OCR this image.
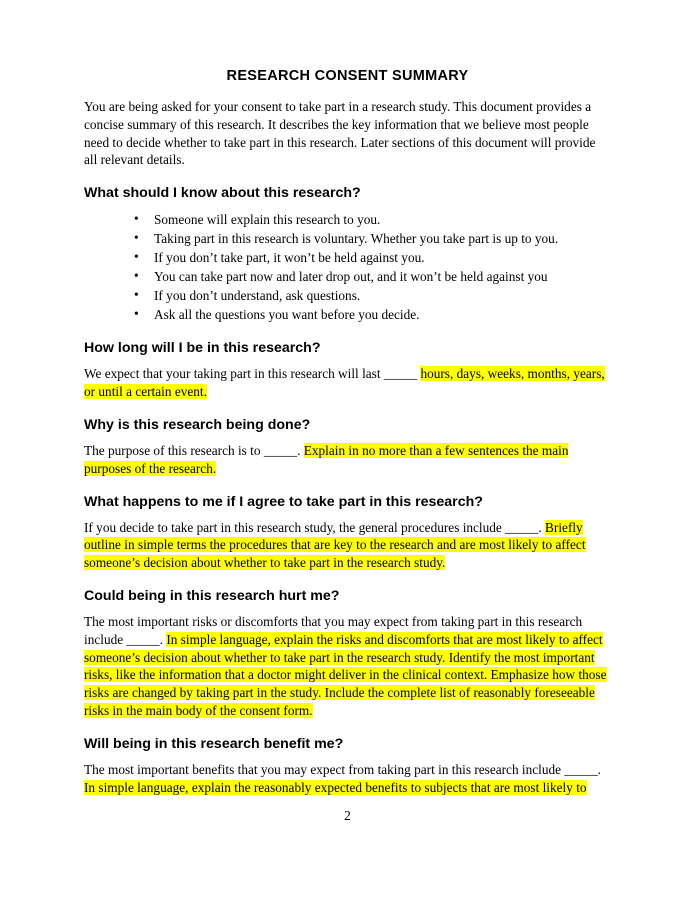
RESEARCH CONSENT SUMMARY

You are being asked for your consent to take part in a research study. This document provides a concise summary of this research. It describes the key information that we believe most people need to decide whether to take part in this research. Later sections of this document will provide all relevant details.

What should I know about this research?
• Someone will explain this research to you.
• Taking part in this research is voluntary. Whether you take part is up to you.
• If you don’t take part, it won’t be held against you.
• You can take part now and later drop out, and it won’t be held against you
• If you don’t understand, ask questions.
• Ask all the questions you want before you decide.
How long will I be in this research?

We expect that your taking part in this research will last _____ hours, days, weeks, months, years, or until a certain event.

Why is this research being done?

The purpose of this research is to _____. Explain in no more than a few sentences the main purposes of the research.

What happens to me if I agree to take part in this research?

If you decide to take part in this research study, the general procedures include _____. Briefly outline in simple terms the procedures that are key to the research and are most likely to affect someone’s decision about whether to take part in the research study.

Could being in this research hurt me?

The most important risks or discomforts that you may expect from taking part in this research include _____. In simple language, explain the risks and discomforts that are most likely to affect someone’s decision about whether to take part in the research study. Identify the most important risks, like the information that a doctor might deliver in the clinical context. Emphasize how those risks are changed by taking part in the study. Include the complete list of reasonably foreseeable risks in the main body of the consent form.

Will being in this research benefit me?

The most important benefits that you may expect from taking part in this research include _____.
In simple language, explain the reasonably expected benefits to subjects that are most likely to

2
